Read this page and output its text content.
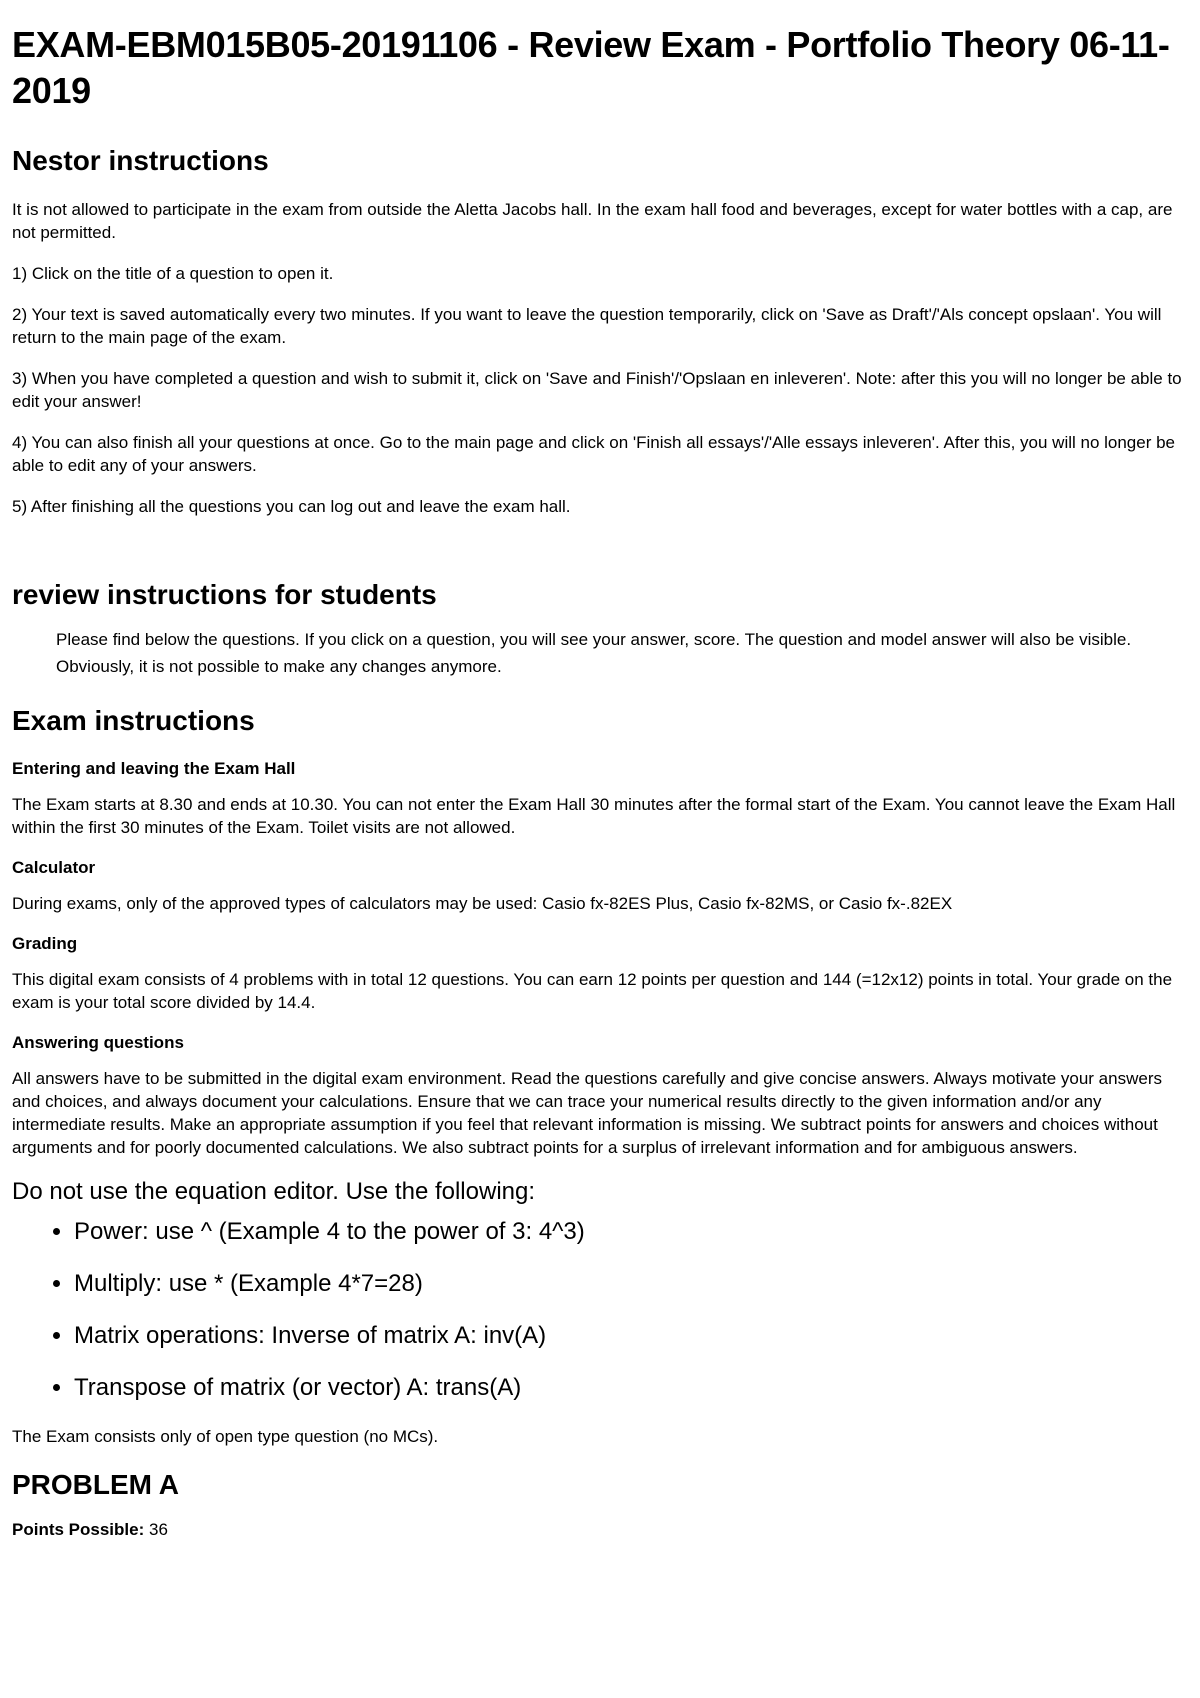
EXAM-EBM015B05-20191106 - Review Exam - Portfolio Theory 06-11-2019
Nestor instructions

It is not allowed to participate in the exam from outside the Aletta Jacobs hall. In the exam hall food and beverages, except for water bottles with a cap, are not permitted.

1) Click on the title of a question to open it.

2) Your text is saved automatically every two minutes. If you want to leave the question temporarily, click on 'Save as Draft'/'Als concept opslaan'. You will return to the main page of the exam.

3) When you have completed a question and wish to submit it, click on 'Save and Finish'/'Opslaan en inleveren'. Note: after this you will no longer be able to edit your answer!

4) You can also finish all your questions at once. Go to the main page and click on 'Finish all essays'/'Alle essays inleveren'. After this, you will no longer be able to edit any of your answers.

5) After finishing all the questions you can log out and leave the exam hall.

review instructions for students
Please find below the questions. If you click on a question, you will see your answer, score. The question and model answer will also be visible.
Obviously, it is not possible to make any changes anymore.
Exam instructions
Entering and leaving the Exam Hall

The Exam starts at 8.30 and ends at 10.30. You can not enter the Exam Hall 30 minutes after the formal start of the Exam. You cannot leave the Exam Hall within the first 30 minutes of the Exam. Toilet visits are not allowed.

Calculator

During exams, only of the approved types of calculators may be used: Casio fx-82ES Plus, Casio fx-82MS, or Casio fx-.82EX

Grading

This digital exam consists of 4 problems with in total 12 questions. You can earn 12 points per question and 144 (=12x12) points in total. Your grade on the exam is your total score divided by 14.4.

Answering questions

All answers have to be submitted in the digital exam environment. Read the questions carefully and give concise answers. Always motivate your answers and choices, and always document your calculations. Ensure that we can trace your numerical results directly to the given information and/or any intermediate results. Make an appropriate assumption if you feel that relevant information is missing. We subtract points for answers and choices without arguments and for poorly documented calculations. We also subtract points for a surplus of irrelevant information and for ambiguous answers.

Do not use the equation editor. Use the following:
• Power: use ^ (Example 4 to the power of 3: 4^3)
• Multiply: use * (Example 4*7=28)
• Matrix operations: Inverse of matrix A: inv(A)
• Transpose of matrix (or vector) A: trans(A)

The Exam consists only of open type question (no MCs).

PROBLEM A
Points Possible: 36
